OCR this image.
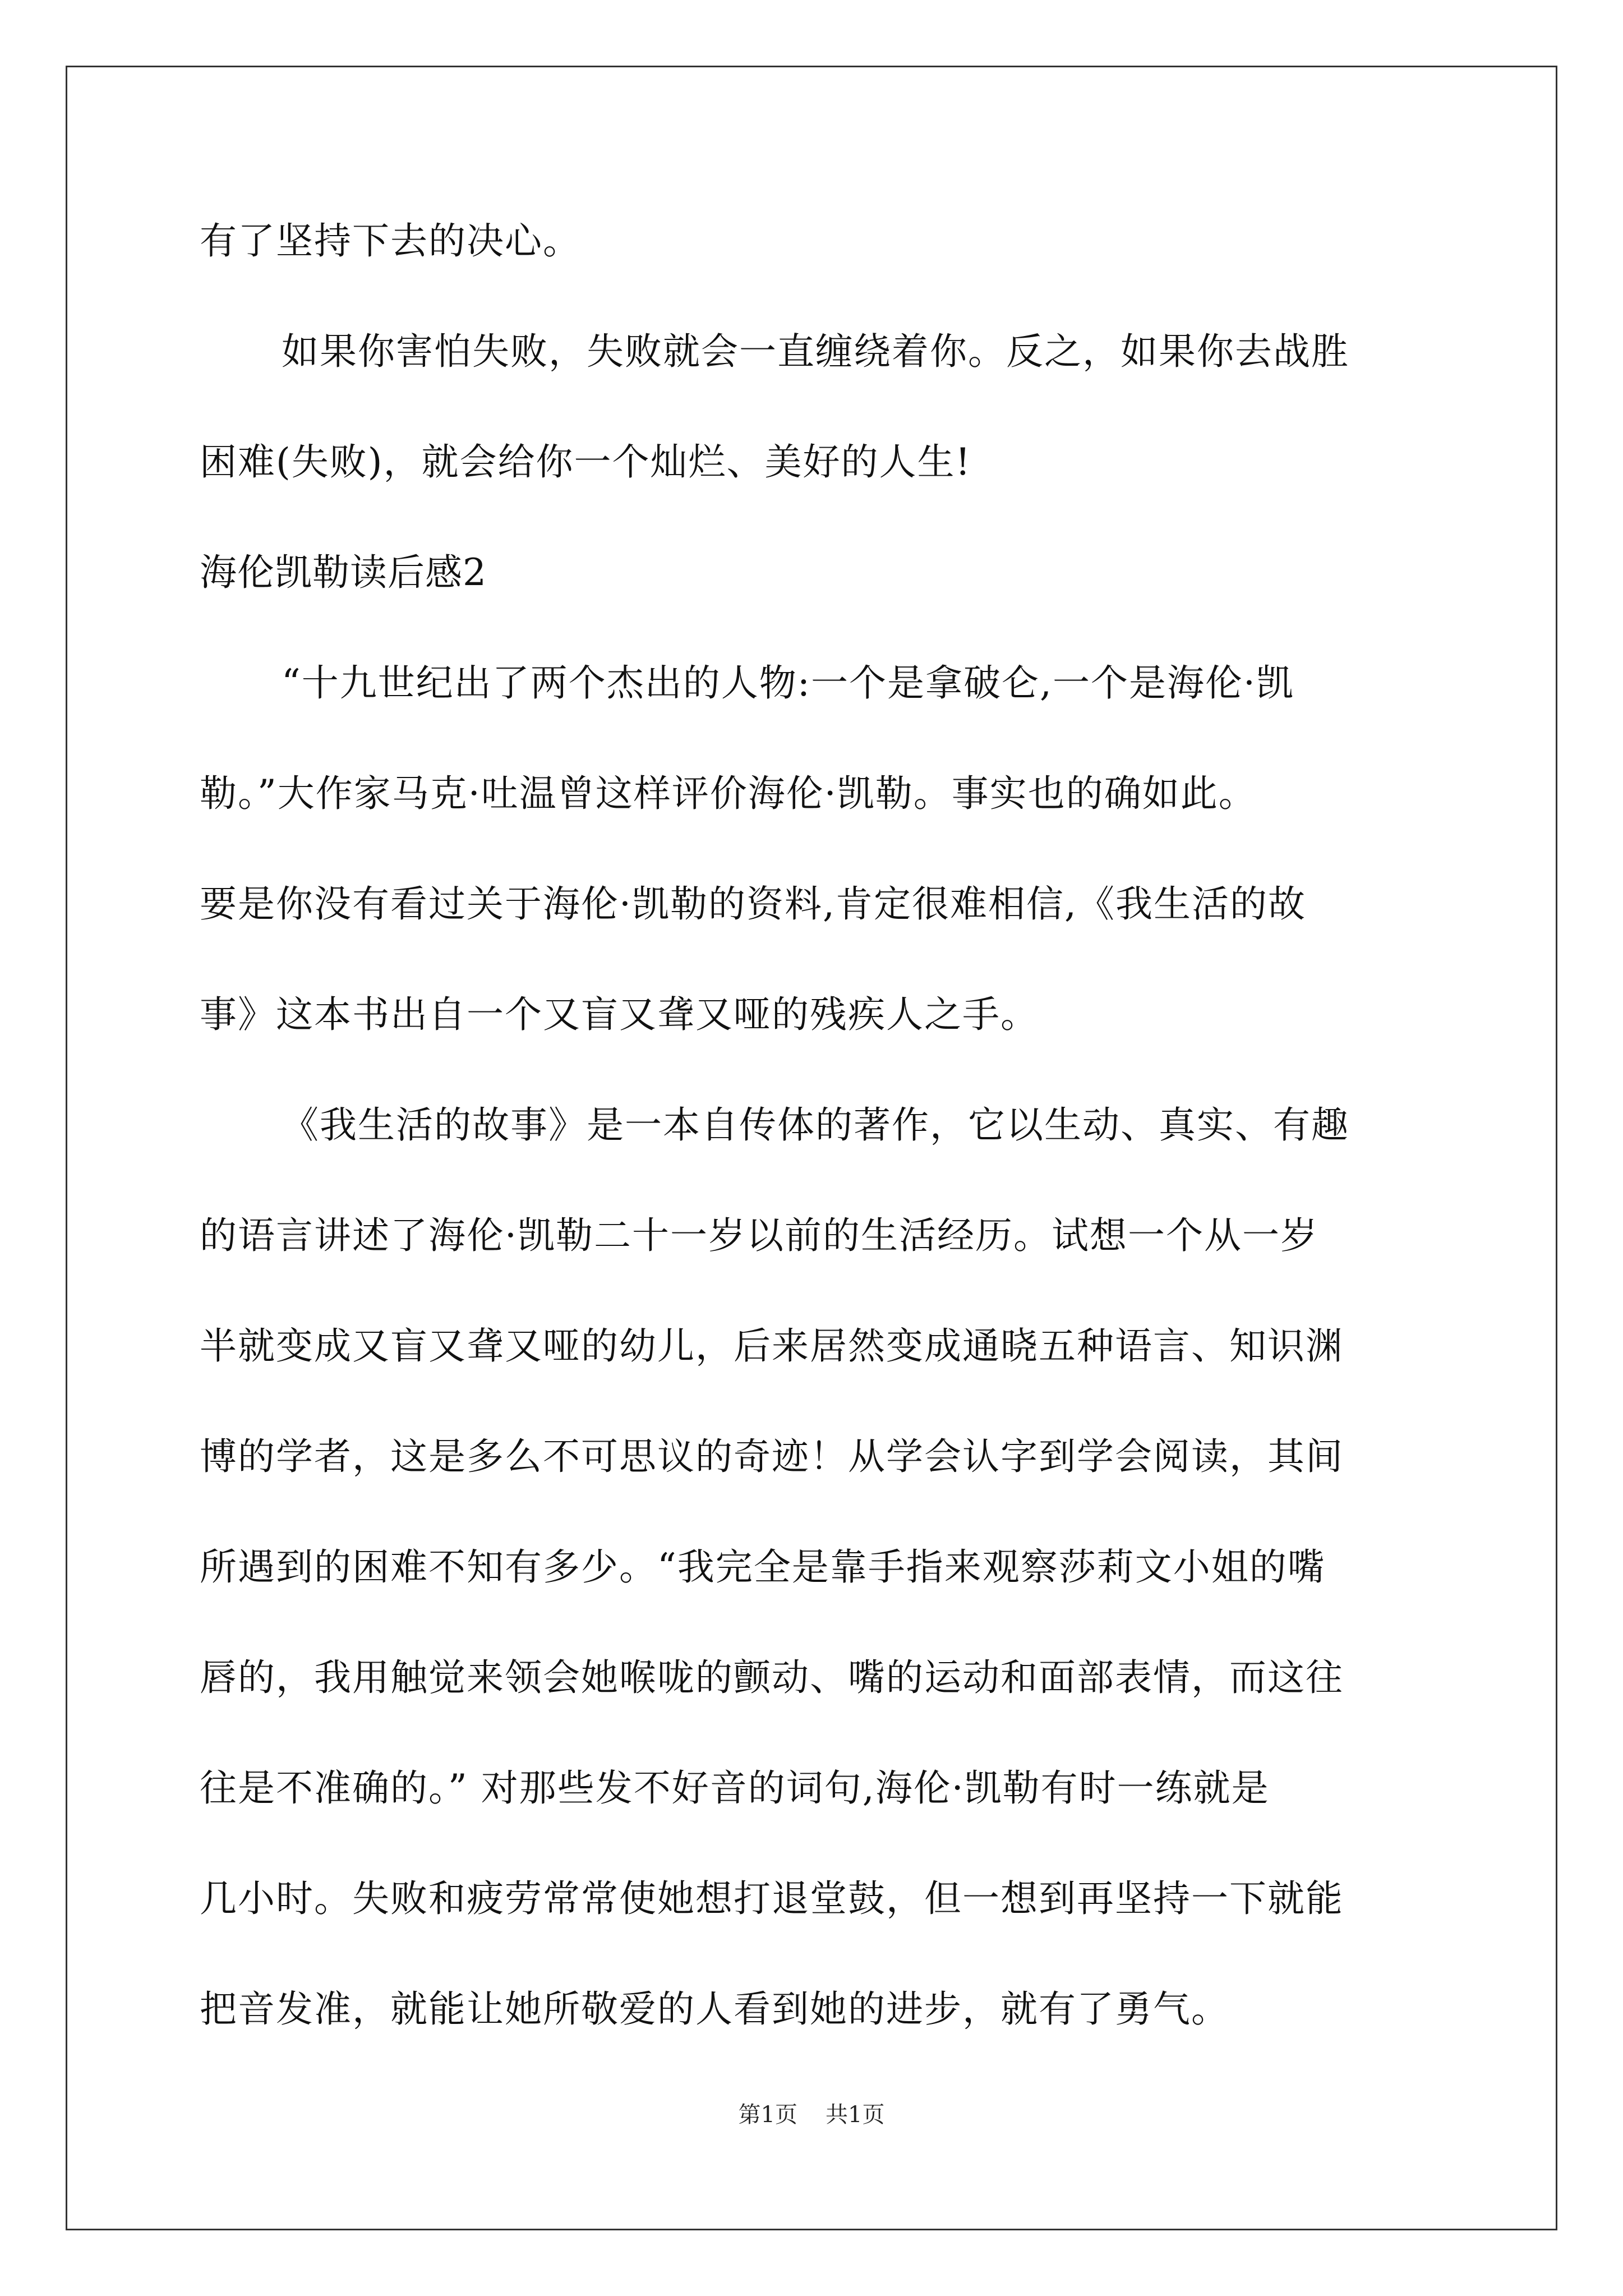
有了坚持下去的决心。

如果你害怕失败，失败就会一直缠绕着你。反之，如果你去战胜

困难(失败)，就会给你一个灿烂、美好的人生!

海伦凯勒读后感2

“十九世纪出了两个杰出的人物:一个是拿破仑,一个是海伦·凯

勒。”大作家马克·吐温曾这样评价海伦·凯勒。事实也的确如此。

要是你没有看过关于海伦·凯勒的资料,肯定很难相信,《我生活的故

事》这本书出自一个又盲又聋又哑的残疾人之手。

《我生活的故事》是一本自传体的著作，它以生动、真实、有趣

的语言讲述了海伦·凯勒二十一岁以前的生活经历。试想一个从一岁

半就变成又盲又聋又哑的幼儿，后来居然变成通晓五种语言、知识渊

博的学者，这是多么不可思议的奇迹！从学会认字到学会阅读，其间

所遇到的困难不知有多少。“我完全是靠手指来观察莎莉文小姐的嘴

唇的，我用触觉来领会她喉咙的颤动、嘴的运动和面部表情，而这往

往是不准确的。” 对那些发不好音的词句,海伦·凯勒有时一练就是

几小时。失败和疲劳常常使她想打退堂鼓，但一想到再坚持一下就能

把音发准，就能让她所敬爱的人看到她的进步，就有了勇气。

第1页 共1页
